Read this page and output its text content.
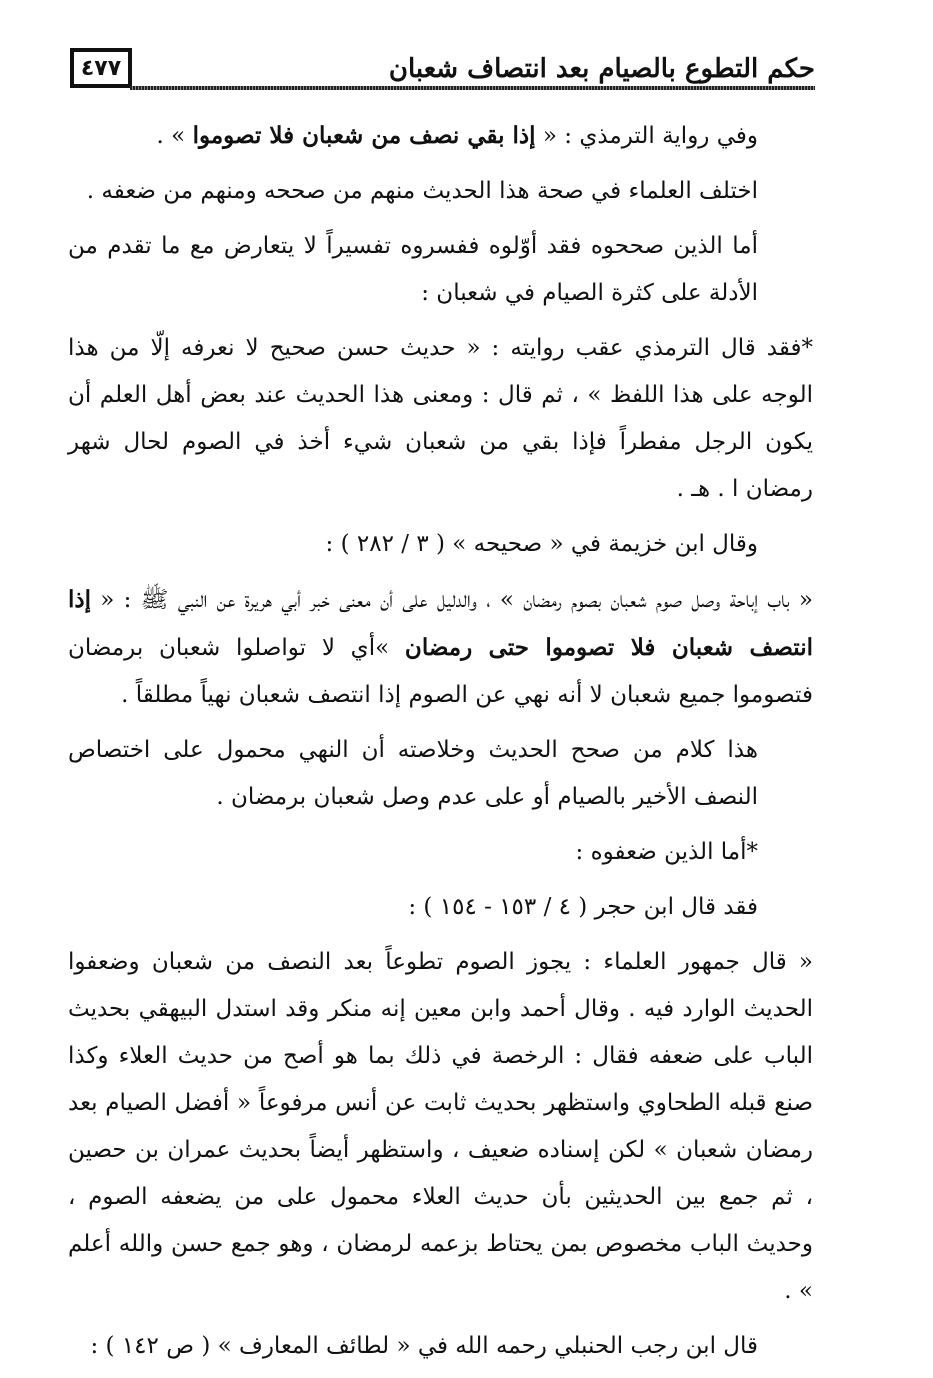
٤٧٧	حكم التطوع بالصيام بعد انتصاف شعبان

وفي رواية الترمذي : « إذا بقي نصف من شعبان فلا تصوموا » .

اختلف العلماء في صحة هذا الحديث منهم من صححه ومنهم من ضعفه .

أما الذين صححوه فقد أوّلوه ففسروه تفسيراً لا يتعارض مع ما تقدم من الأدلة على كثرة الصيام في شعبان :

*فقد قال الترمذي عقب روايته : « حديث حسن صحيح لا نعرفه إلّا من هذا الوجه على هذا اللفظ » ، ثم قال : ومعنى هذا الحديث عند بعض أهل العلم أن يكون الرجل مفطراً فإذا بقي من شعبان شيء أخذ في الصوم لحال شهر رمضان ا . هـ .

وقال ابن خزيمة في « صحيحه » ( ٣ / ٢٨٢ ) :

« باب إباحة وصل صوم شعبان بصوم رمضان » ، والدليل على أن معنى خبر أبي هريرة عن النبي ﷺ : « إذا انتصف شعبان فلا تصوموا حتى رمضان »أي لا تواصلوا شعبان برمضان فتصوموا جميع شعبان لا أنه نهي عن الصوم إذا انتصف شعبان نهياً مطلقاً .

هذا كلام من صحح الحديث وخلاصته أن النهي محمول على اختصاص النصف الأخير بالصيام أو على عدم وصل شعبان برمضان .

*أما الذين ضعفوه :

فقد قال ابن حجر ( ٤ / ١٥٣ - ١٥٤ ) :

« قال جمهور العلماء : يجوز الصوم تطوعاً بعد النصف من شعبان وضعفوا الحديث الوارد فيه . وقال أحمد وابن معين إنه منكر وقد استدل البيهقي بحديث الباب على ضعفه فقال : الرخصة في ذلك بما هو أصح من حديث العلاء وكذا صنع قبله الطحاوي واستظهر بحديث ثابت عن أنس مرفوعاً « أفضل الصيام بعد رمضان شعبان » لكن إسناده ضعيف ، واستظهر أيضاً بحديث عمران بن حصين ، ثم جمع بين الحديثين بأن حديث العلاء محمول على من يضعفه الصوم ، وحديث الباب مخصوص بمن يحتاط بزعمه لرمضان ، وهو جمع حسن والله أعلم » .

قال ابن رجب الحنبلي رحمه الله في « لطائف المعارف » ( ص ١٤٢ ) :
